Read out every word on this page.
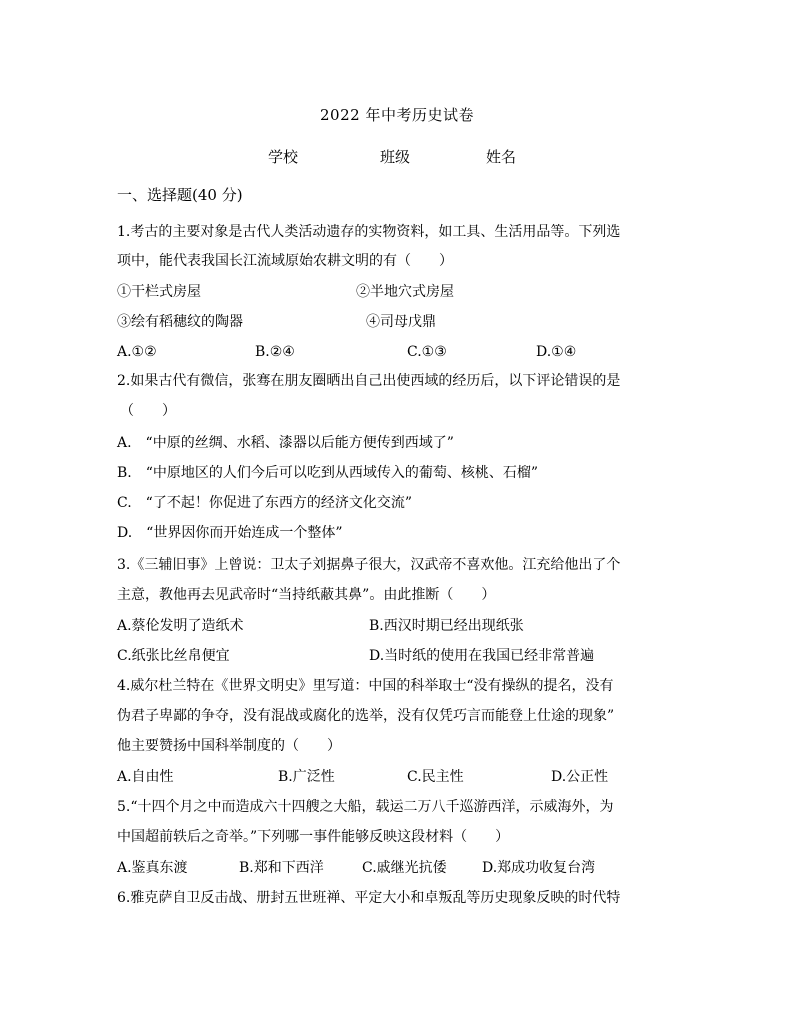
2022 年中考历史试卷
学校	班级	姓名
一、选择题(40 分)
1.考古的主要对象是古代人类活动遗存的实物资料，如工具、生活用品等。下列选
项中，能代表我国长江流域原始农耕文明的有（　　）
①干栏式房屋	②半地穴式房屋
③绘有稻穗纹的陶器	④司母戊鼎
A.①②	B.②④	C.①③	D.①④
2.如果古代有微信，张骞在朋友圈晒出自己出使西域的经历后，以下评论错误的是
（　　）
A.　“中原的丝绸、水稻、漆器以后能方便传到西域了”
B.　“中原地区的人们今后可以吃到从西域传入的葡萄、核桃、石榴”
C.　“了不起！你促进了东西方的经济文化交流”
D.　“世界因你而开始连成一个整体”
3.《三辅旧事》上曾说：卫太子刘据鼻子很大，汉武帝不喜欢他。江充给他出了个
主意，教他再去见武帝时“当持纸蔽其鼻”。由此推断（　　）
A.蔡伦发明了造纸术	B.西汉时期已经出现纸张
C.纸张比丝帛便宜	D.当时纸的使用在我国已经非常普遍
4.威尔杜兰特在《世界文明史》里写道：中国的科举取士“没有操纵的提名，没有
伪君子卑鄙的争夺，没有混战或腐化的选举，没有仅凭巧言而能登上仕途的现象”
他主要赞扬中国科举制度的（　　）
A.自由性	B.广泛性	C.民主性	D.公正性
5.“十四个月之中而造成六十四艘之大船，载运二万八千巡游西洋，示威海外，为
中国超前轶后之奇举。”下列哪一事件能够反映这段材料（　　）
A.鉴真东渡	B.郑和下西洋	C.戚继光抗倭	D.郑成功收复台湾
6.雅克萨自卫反击战、册封五世班禅、平定大小和卓叛乱等历史现象反映的时代特
